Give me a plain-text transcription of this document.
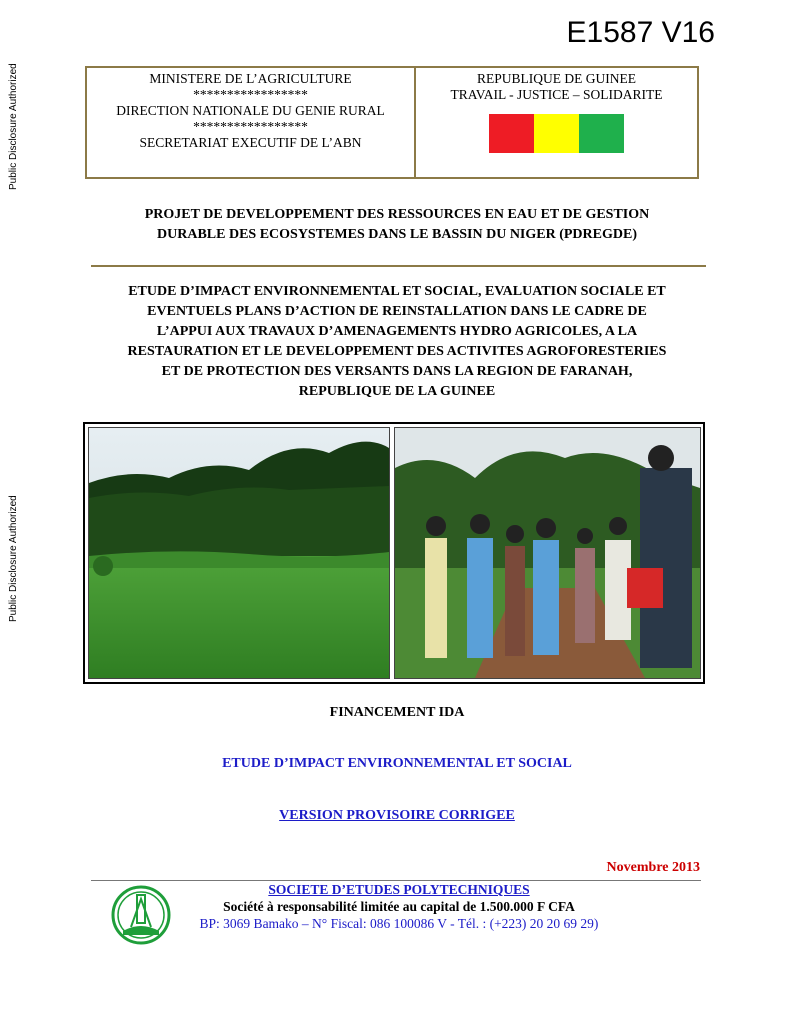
Public Disclosure Authorized
Public Disclosure Authorized
E1587 V16
MINISTERE DE L’AGRICULTURE
*****************
DIRECTION NATIONALE DU GENIE RURAL
*****************
SECRETARIAT EXECUTIF DE L’ABN
REPUBLIQUE DE GUINEE
TRAVAIL - JUSTICE – SOLIDARITE
PROJET DE DEVELOPPEMENT DES RESSOURCES EN EAU ET DE GESTION
DURABLE DES ECOSYSTEMES DANS LE BASSIN DU NIGER (PDREGDE)
ETUDE D’IMPACT ENVIRONNEMENTAL ET SOCIAL, EVALUATION SOCIALE ET
EVENTUELS PLANS D’ACTION DE REINSTALLATION DANS LE CADRE DE
L’APPUI AUX TRAVAUX D’AMENAGEMENTS HYDRO AGRICOLES, A LA
RESTAURATION ET LE DEVELOPPEMENT DES ACTIVITES AGROFORESTERIES
ET DE PROTECTION DES VERSANTS DANS LA REGION DE FARANAH,
REPUBLIQUE DE LA GUINEE
FINANCEMENT IDA
ETUDE D’IMPACT ENVIRONNEMENTAL ET SOCIAL
VERSION PROVISOIRE CORRIGEE
Novembre 2013
SOCIETE D’ETUDES POLYTECHNIQUES
Société à responsabilité limitée au capital de 1.500.000 F CFA
BP: 3069 Bamako – N° Fiscal: 086 100086 V - Tél. : (+223) 20 20 69 29)
